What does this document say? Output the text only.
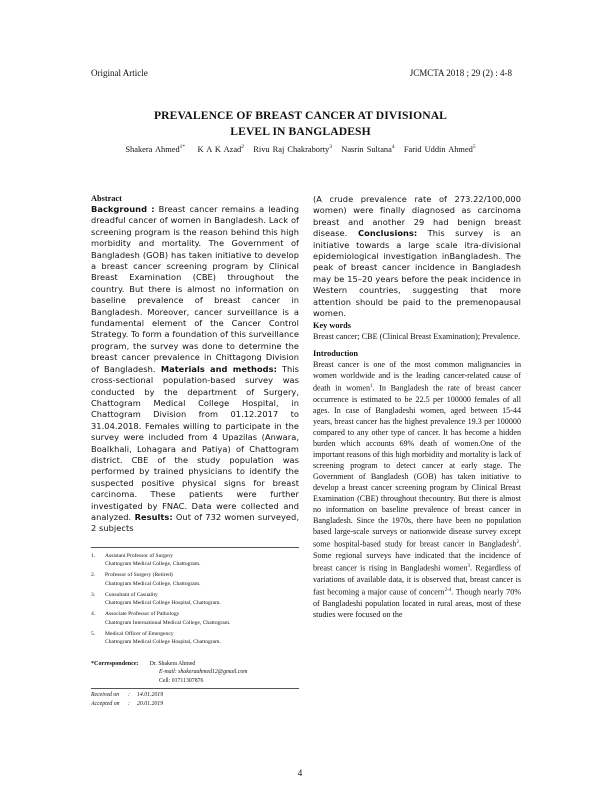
Original Article	JCMCTA 2018 ; 29 (2) : 4-8
PREVALENCE OF BREAST CANCER AT DIVISIONAL
LEVEL IN BANGLADESH
Shakera Ahmed$^{1*}$ K A K Azad$^2$ Rivu Raj Chakraborty$^3$ Nasrin Sultana$^4$ Farid Uddin Ahmed$^5$
Abstract

Background : Breast cancer remains a leading dreadful cancer of women in Bangladesh. Lack of screening program is the reason behind this high morbidity and mortality. The Government of Bangladesh (GOB) has taken initiative to develop a breast cancer screening program by Clinical Breast Examination (CBE) throughout the country. But there is almost no information on baseline prevalence of breast cancer in Bangladesh. Moreover, cancer surveillance is a fundamental element of the Cancer Control Strategy. To form a foundation of this surveillance program, the survey was done to determine the breast cancer prevalence in Chittagong Division of Bangladesh. Materials and methods: This cross-sectional population-based survey was conducted by the department of Surgery, Chattogram Medical College Hospital, in Chattogram Division from 01.12.2017 to 31.04.2018. Females willing to participate in the survey were included from 4 Upazilas (Anwara, Boalkhali, Lohagara and Patiya) of Chattogram district. CBE of the study population was performed by trained physicians to identify the suspected positive physical signs for breast carcinoma. These patients were further investigated by FNAC. Data were collected and analyzed. Results: Out of 732 women surveyed, 2 subjects

(A crude prevalence rate of 273.22/100,000 women) were finally diagnosed as carcinoma breast and another 29 had benign breast disease. Conclusions: This survey is an initiative towards a large scale itra-divisional epidemiological investigation inBangladesh. The peak of breast cancer incidence in Bangladesh may be 15–20 years before the peak incidence in Western countries, suggesting that more attention should be paid to the premenopausal women.

Key words

Breast cancer; CBE (Clinical Breast Examination); Prevalence.

Introduction

Breast cancer is one of the most common malignancies in women worldwide and is the leading cancer-related cause of death in women$^1$. In Bangladesh the rate of breast cancer occurrence is estimated to be 22.5 per 100000 females of all ages. In case of Bangladeshi women, aged between 15-44 years, breast cancer has the highest prevalence 19.3 per 100000 compared to any other type of cancer. It has become a hidden burden which accounts 69% death of women.One of the important reasons of this high morbidity and mortality is lack of screening program to detect cancer at early stage. The Government of Bangladesh (GOB) has taken initiative to develop a breast cancer screening program by Clinical Breast Examination (CBE) throughout thecountry. But there is almost no information on baseline prevalence of breast cancer in Bangladesh. Since the 1970s, there have been no population based large-scale surveys or nationwide disease survey except some hospital-based study for breast cancer in Bangladesh$^2$. Some regional surveys have indicated that the incidence of breast cancer is rising in Bangladeshi women$^3$. Regardless of variations of available data, it is observed that, breast cancer is fast becoming a major cause of concern$^{2-4}$. Though nearly 70% of Bangladeshi population located in rural areas, most of these studies were focused on the

1.	Assistant Professor of Surgery
Chattogram Medical College, Chattogram.
2.	Professor of Surgery (Retired)
Chattogram Medical College, Chattogram.
3.	Consultant of Casuality
Chattogram Medical College Hospital, Chattogram.
4.	Associate Professor of Pathology
Chattogram International Medical College, Chattogram.
5.	Medical Officer of Emergency
Chattogram Medical College Hospital, Chattogram.
*Correspondence:	Dr. Shakera Ahmed
E-mail: shakeraahmed12@gmail.com
Cell: 01711307876
Received on	:	14.01.2019
Accepted on	:	20.01.2019
4
